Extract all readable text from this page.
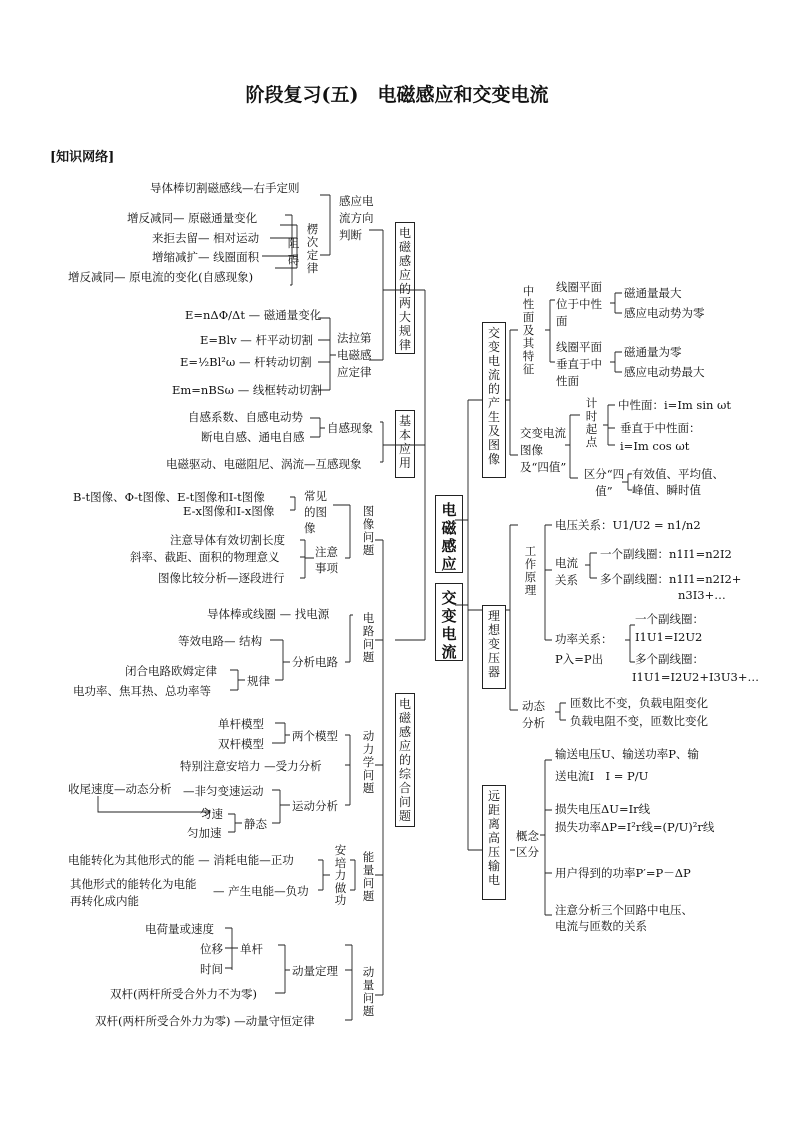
阶段复习(五)　电磁感应和交变电流
[知识网络]
电磁感应
交变电流
电磁感应的两大规律
感应电流方向判断
楞次定律
阻碍
导体棒切割磁感线—右手定则
增反减同— 原磁通量变化
来拒去留— 相对运动
增缩减扩— 线圈面积
增反减同— 原电流的变化(自感现象)
法拉第电磁感应定律
E=nΔΦ/Δt — 磁通量变化
E=Blv — 杆平动切割
E=½Bl²ω — 杆转动切割
Em=nBSω — 线框转动切割
基本应用
自感现象
自感系数、自感电动势
断电自感、通电自感
电磁驱动、电磁阻尼、涡流—互感现象
电磁感应的综合问题
图像问题
常见的图像
B-t图像、Φ-t图像、E-t图像和I-t图像
E-x图像和I-x图像
注意事项
注意导体有效切割长度
斜率、截距、面积的物理意义
图像比较分析—逐段进行
电路问题
导体棒或线圈 — 找电源
分析电路
等效电路— 结构
规律
闭合电路欧姆定律
电功率、焦耳热、总功率等
动力学问题
两个模型
单杆模型
双杆模型
特别注意安培力 —受力分析
运动分析
收尾速度—动态分析 —非匀变速运动
静态
匀速
匀加速
能量问题
安培力做功
电能转化为其他形式的能 — 消耗电能—正功
其他形式的能转化为电能
再转化成内能
— 产生电能—负功
动量问题
动量定理
单杆
电荷量或速度
位移
时间
双杆(两杆所受合外力不为零)
双杆(两杆所受合外力为零) —动量守恒定律
交变电流的产生及图像
中性面及其特征
线圈平面位于中性面
磁通量最大
感应电动势为零
线圈平面垂直于中性面
磁通量为零
感应电动势最大
交变电流图像及“四值”
计时起点
中性面：i=Im sin ωt
垂直于中性面：
i=Im cos ωt
区分“四值”
有效值、平均值、
峰值、瞬时值
理想变压器
工作原理
电压关系：U1/U2 = n1/n2
电流关系
一个副线圈：n1I1=n2I2
多个副线圈：n1I1=n2I2+
n3I3+…
功率关系：
P入=P出
一个副线圈：
I1U1=I2U2
多个副线圈：
I1U1=I2U2+I3U3+…
动态分析
匝数比不变，负载电阻变化
负载电阻不变，匝数比变化
远距离高压输电
概念区分
输送电压U、输送功率P、输
送电流I　I = P/U
损失电压ΔU=Ir线
损失功率ΔP=I²r线=(P/U)²r线
用户得到的功率P′=P－ΔP
注意分析三个回路中电压、
电流与匝数的关系
